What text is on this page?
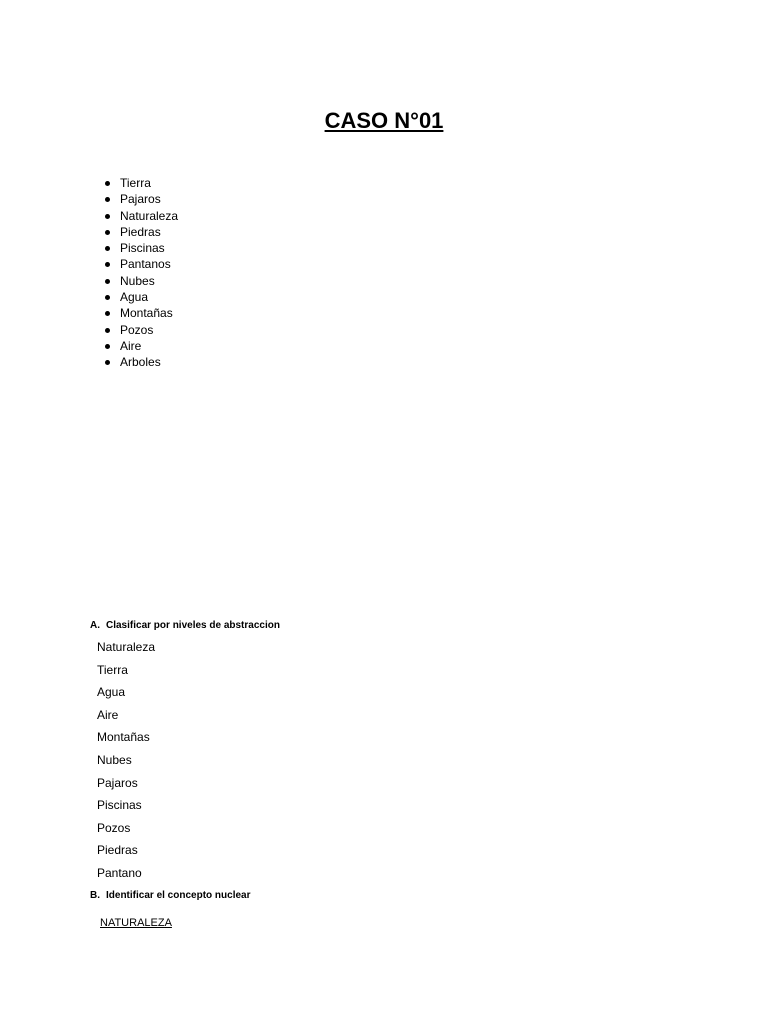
CASO N°01
Tierra
Pajaros
Naturaleza
Piedras
Piscinas
Pantanos
Nubes
Agua
Montañas
Pozos
Aire
Arboles

A. Clasificar por niveles de abstraccion

Naturaleza
Tierra
Agua
Aire
Montañas
Nubes
Pajaros
Piscinas
Pozos
Piedras
Pantano

B. Identificar el concepto nuclear

NATURALEZA
